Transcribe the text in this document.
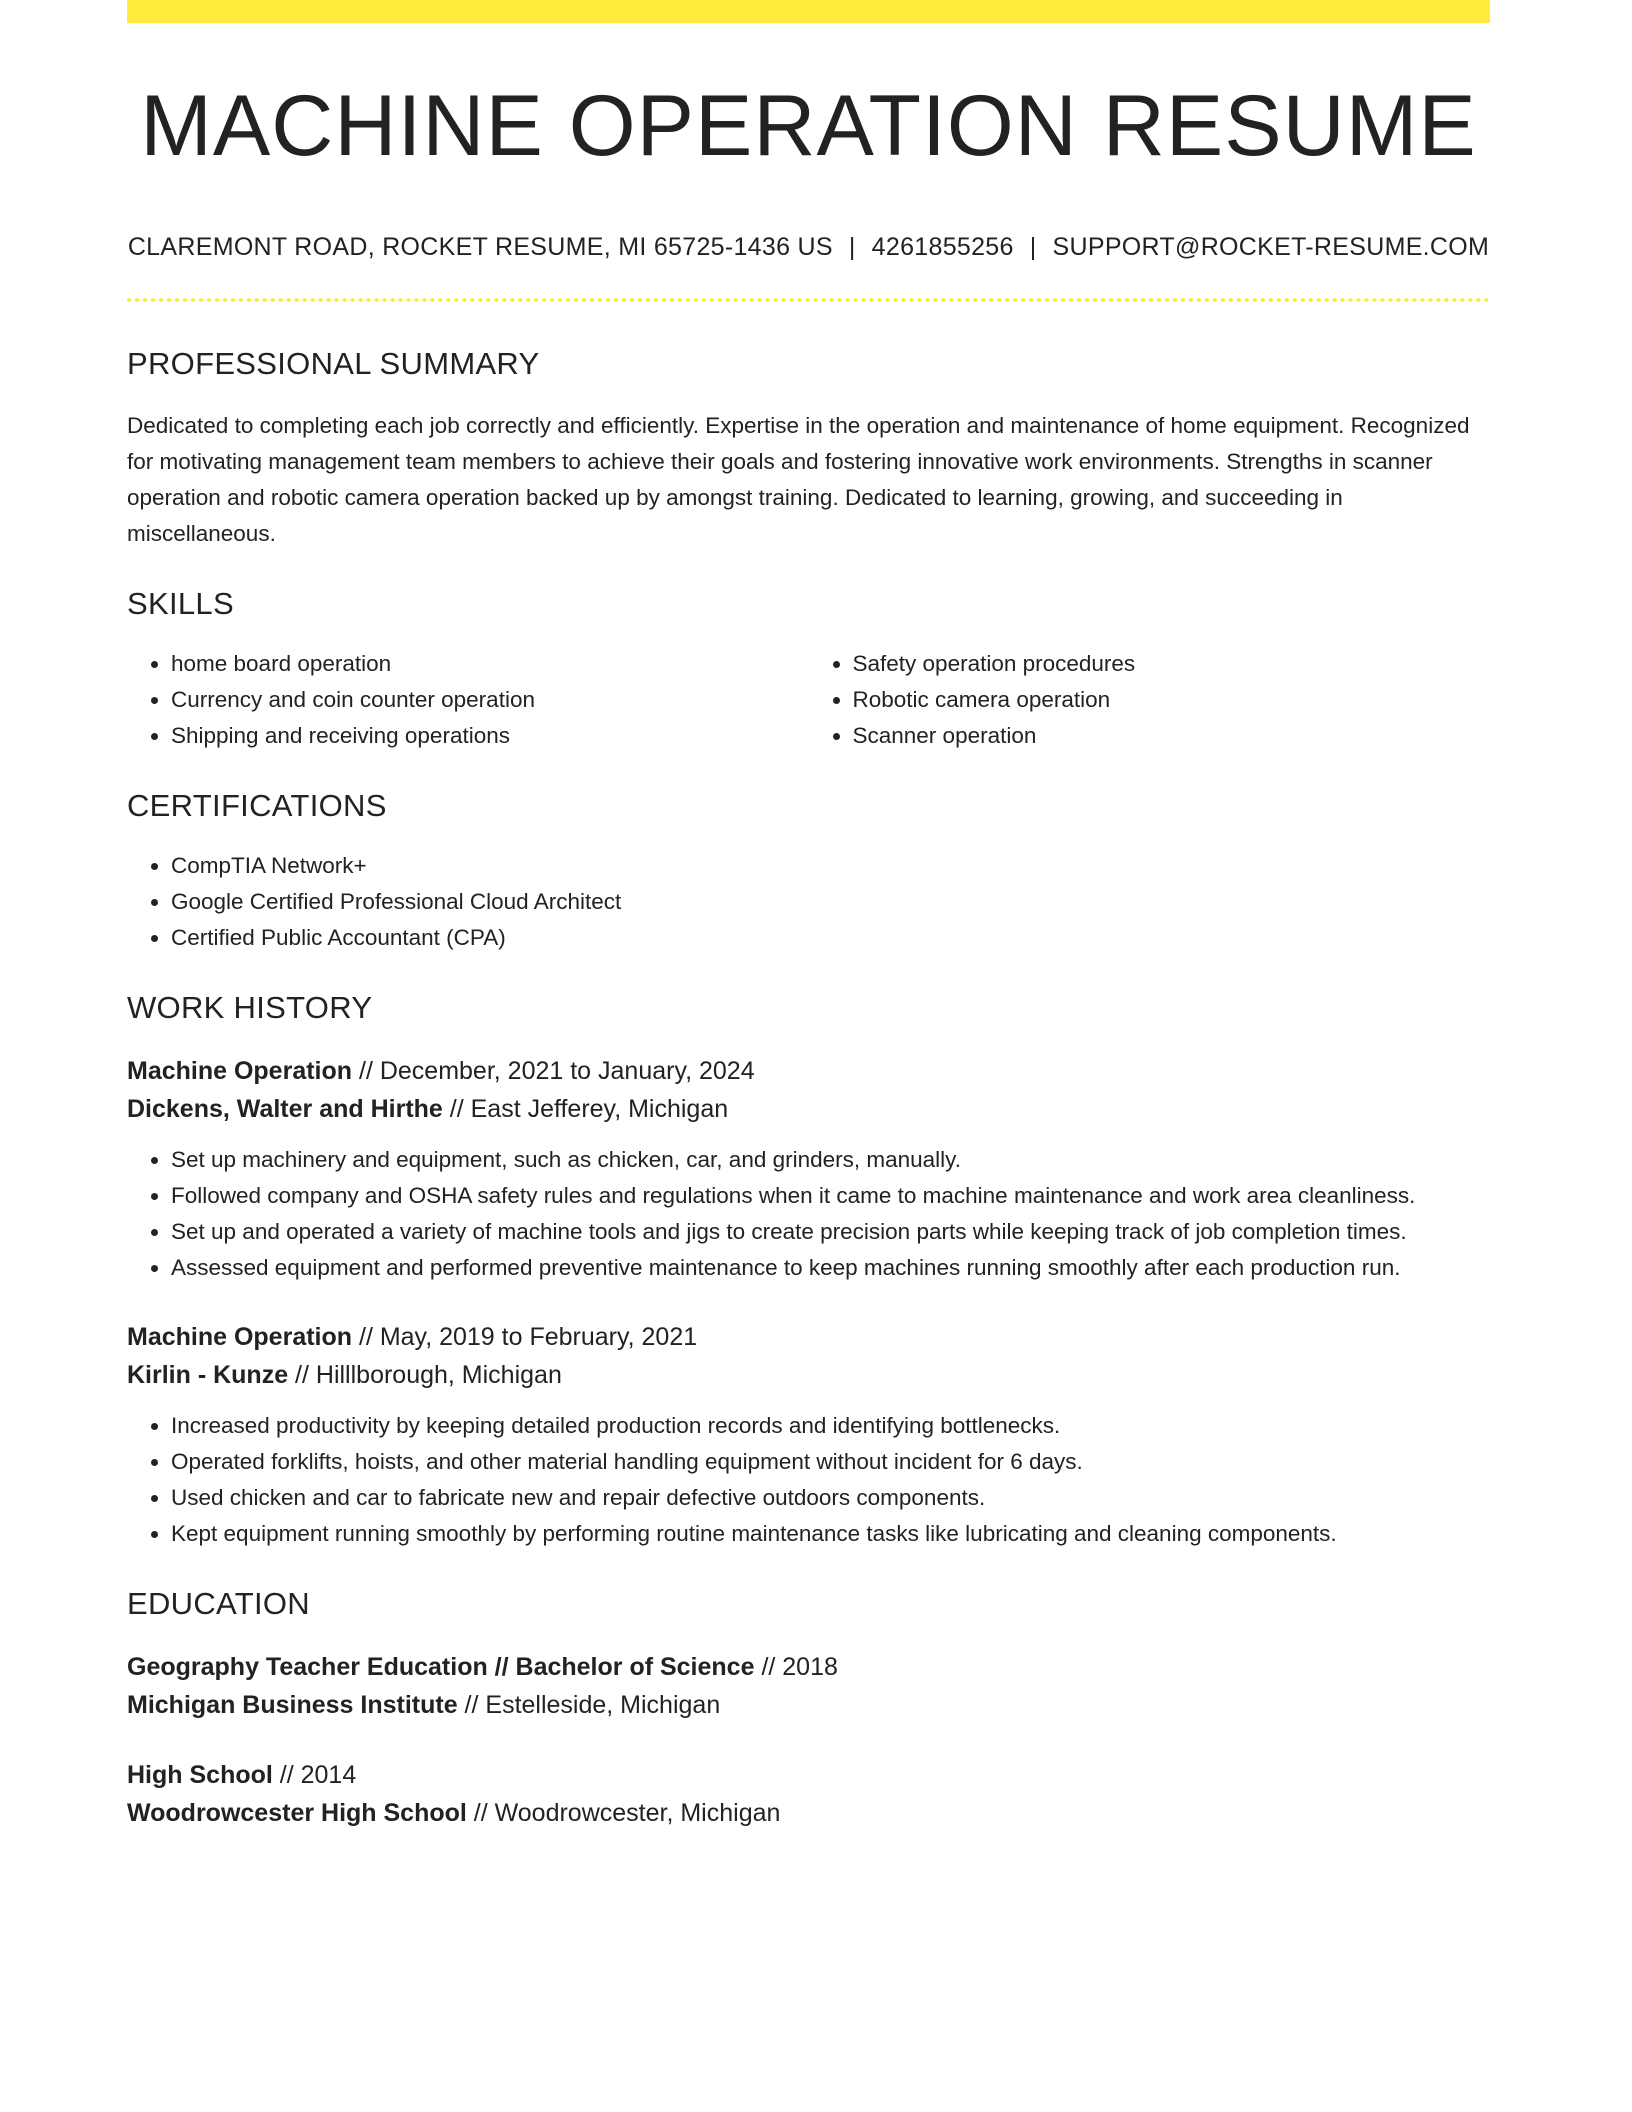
MACHINE OPERATION RESUME
CLAREMONT ROAD, ROCKET RESUME, MI 65725-1436 US | 4261855256 | SUPPORT@ROCKET-RESUME.COM
PROFESSIONAL SUMMARY
Dedicated to completing each job correctly and efficiently. Expertise in the operation and maintenance of home equipment. Recognized for motivating management team members to achieve their goals and fostering innovative work environments. Strengths in scanner operation and robotic camera operation backed up by amongst training. Dedicated to learning, growing, and succeeding in miscellaneous.
SKILLS
• home board operation
• Currency and coin counter operation
• Shipping and receiving operations
• Safety operation procedures
• Robotic camera operation
• Scanner operation
CERTIFICATIONS
• CompTIA Network+
• Google Certified Professional Cloud Architect
• Certified Public Accountant (CPA)
WORK HISTORY
Machine Operation // December, 2021 to January, 2024
Dickens, Walter and Hirthe // East Jefferey, Michigan
• Set up machinery and equipment, such as chicken, car, and grinders, manually.
• Followed company and OSHA safety rules and regulations when it came to machine maintenance and work area cleanliness.
• Set up and operated a variety of machine tools and jigs to create precision parts while keeping track of job completion times.
• Assessed equipment and performed preventive maintenance to keep machines running smoothly after each production run.
Machine Operation // May, 2019 to February, 2021
Kirlin - Kunze // Hilllborough, Michigan
• Increased productivity by keeping detailed production records and identifying bottlenecks.
• Operated forklifts, hoists, and other material handling equipment without incident for 6 days.
• Used chicken and car to fabricate new and repair defective outdoors components.
• Kept equipment running smoothly by performing routine maintenance tasks like lubricating and cleaning components.
EDUCATION
Geography Teacher Education // Bachelor of Science // 2018
Michigan Business Institute // Estelleside, Michigan
High School // 2014
Woodrowcester High School // Woodrowcester, Michigan
